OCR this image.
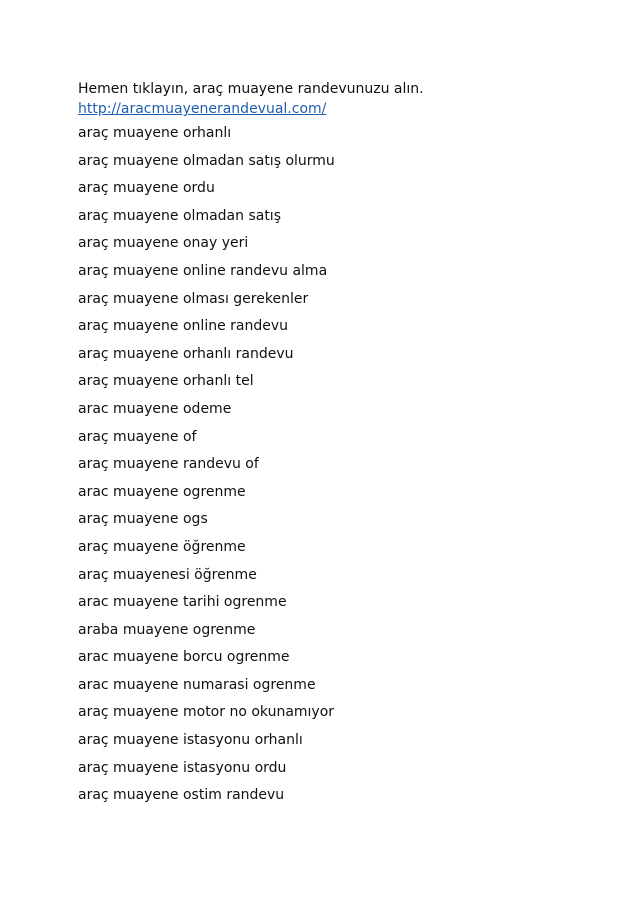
Hemen tıklayın, araç muayene randevunuzu alın.

http://aracmuayenerandevual.com/
araç muayene orhanlı
araç muayene olmadan satış olurmu
araç muayene ordu
araç muayene olmadan satış
araç muayene onay yeri
araç muayene online randevu alma
araç muayene olması gerekenler
araç muayene online randevu
araç muayene orhanlı randevu
araç muayene orhanlı tel
arac muayene odeme
araç muayene of
araç muayene randevu of
arac muayene ogrenme
araç muayene ogs
araç muayene öğrenme
araç muayenesi öğrenme
arac muayene tarihi ogrenme
araba muayene ogrenme
arac muayene borcu ogrenme
arac muayene numarasi ogrenme
araç muayene motor no okunamıyor
araç muayene istasyonu orhanlı
araç muayene istasyonu ordu
araç muayene ostim randevu
